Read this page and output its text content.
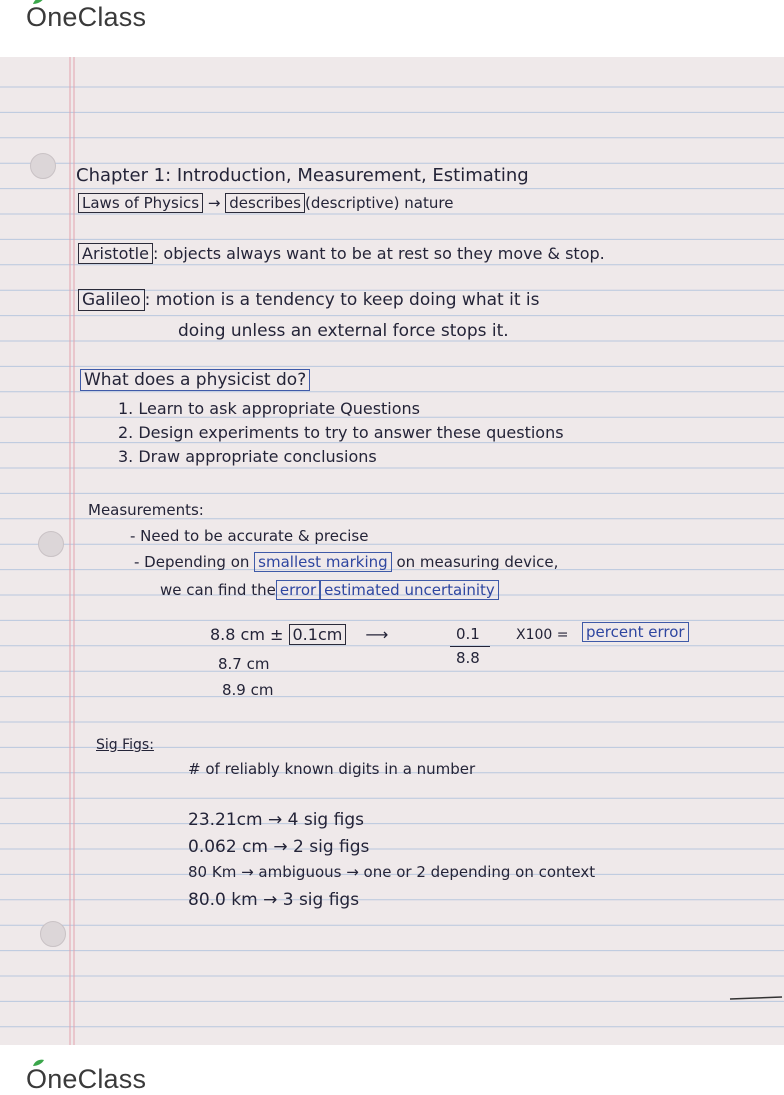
OneClass
Chapter 1: Introduction, Measurement, Estimating
Laws of Physics → describes (descriptive) nature
Aristotle : objects always want to be at rest so they move & stop.
Galileo : motion is a tendency to keep doing what it is
doing unless an external force stops it.
What does a physicist do?
1. Learn to ask appropriate Questions
2. Design experiments to try to answer these questions
3. Draw appropriate conclusions
Measurements:
- Need to be accurate & precise
- Depending on smallest marking on measuring device,
we can find the error estimated uncertainity
8.8 cm ± 0.1cm ⟶	0.1
8.8
X100 = percent error
8.7 cm
8.9 cm
Sig Figs:
# of reliably known digits in a number
23.21cm → 4 sig figs
0.062 cm → 2 sig figs
80 Km → ambiguous → one or 2 depending on context
80.0 km → 3 sig figs
OneClass
